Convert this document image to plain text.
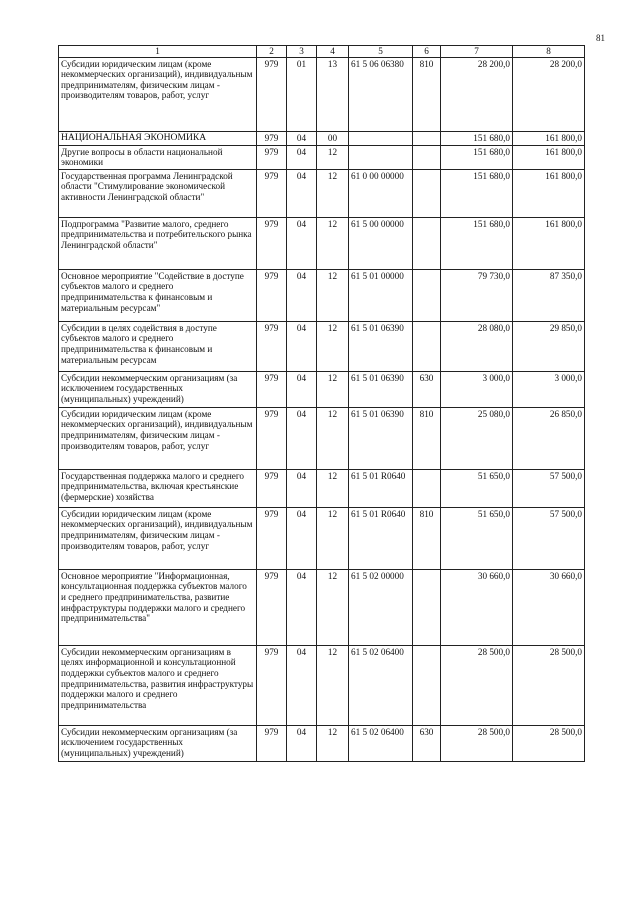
81
1	2	3	4	5	6	7	8
Субсидии юридическим лицам (кроме некоммерческих организаций), индивидуальным предпринимателям, физическим лицам - производителям товаров, работ, услуг	979	01	13	61 5 06 06380	810	28 200,0	28 200,0
НАЦИОНАЛЬНАЯ ЭКОНОМИКА	979	04	00			151 680,0	161 800,0
Другие вопросы в области национальной экономики	979	04	12			151 680,0	161 800,0
Государственная программа Ленинградской области "Стимулирование экономической активности Ленинградской области"	979	04	12	61 0 00 00000		151 680,0	161 800,0
Подпрограмма "Развитие малого, среднего предпринимательства и потребительского рынка Ленинградской области"	979	04	12	61 5 00 00000		151 680,0	161 800,0
Основное мероприятие "Содействие в доступе субъектов малого и среднего предпринимательства к финансовым и материальным ресурсам"	979	04	12	61 5 01 00000		79 730,0	87 350,0
Субсидии в целях содействия в доступе субъектов малого и среднего предпринимательства к финансовым и материальным ресурсам	979	04	12	61 5 01 06390		28 080,0	29 850,0
Субсидии некоммерческим организациям (за исключением государственных (муниципальных) учреждений)	979	04	12	61 5 01 06390	630	3 000,0	3 000,0
Субсидии юридическим лицам (кроме некоммерческих организаций), индивидуальным предпринимателям, физическим лицам - производителям товаров, работ, услуг	979	04	12	61 5 01 06390	810	25 080,0	26 850,0
Государственная поддержка малого и среднего предпринимательства, включая крестьянские (фермерские) хозяйства	979	04	12	61 5 01 R0640		51 650,0	57 500,0
Субсидии юридическим лицам (кроме некоммерческих организаций), индивидуальным предпринимателям, физическим лицам - производителям товаров, работ, услуг	979	04	12	61 5 01 R0640	810	51 650,0	57 500,0
Основное мероприятие "Информационная, консультационная поддержка субъектов малого и среднего предпринимательства, развитие инфраструктуры поддержки малого и среднего предпринимательства"	979	04	12	61 5 02 00000		30 660,0	30 660,0
Субсидии некоммерческим организациям в целях информационной и консультационной поддержки субъектов малого и среднего предпринимательства, развития инфраструктуры поддержки малого и среднего предпринимательства	979	04	12	61 5 02 06400		28 500,0	28 500,0
Субсидии некоммерческим организациям (за исключением государственных (муниципальных) учреждений)	979	04	12	61 5 02 06400	630	28 500,0	28 500,0
